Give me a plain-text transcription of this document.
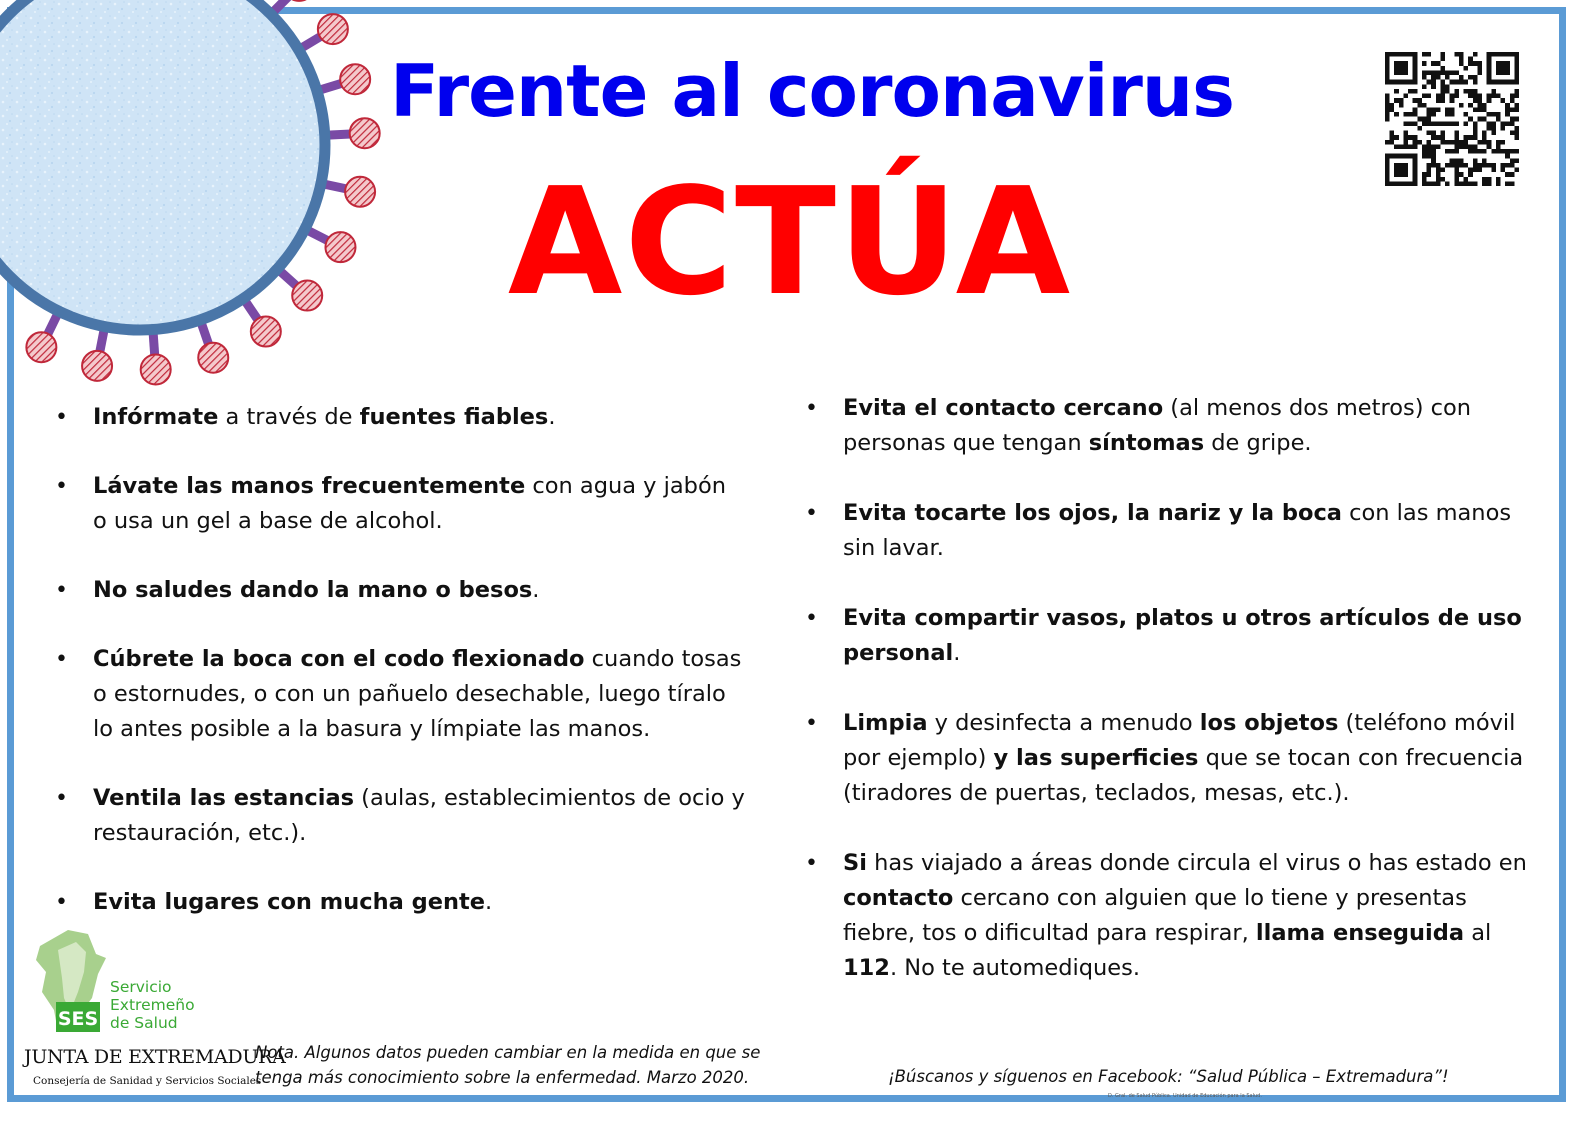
Frente al coronavirus
ACTÚA
• Infórmate a través de fuentes fiables.
• Lávate las manos frecuentemente con agua y jabón o usa un gel a base de alcohol.
• No saludes dando la mano o besos.
• Cúbrete la boca con el codo flexionado cuando tosas o estornudes, o con un pañuelo desechable, luego tíralo lo antes posible a la basura y límpiate las manos.
• Ventila las estancias (aulas, establecimientos de ocio y restauración, etc.).
• Evita lugares con mucha gente.
• Evita el contacto cercano (al menos dos metros) con personas que tengan síntomas de gripe.
• Evita tocarte los ojos, la nariz y la boca con las manos sin lavar.
• Evita compartir vasos, platos u otros artículos de uso personal.
• Limpia y desinfecta a menudo los objetos (teléfono móvil por ejemplo) y las superficies que se tocan con frecuencia (tiradores de puertas, teclados, mesas, etc.).
• Si has viajado a áreas donde circula el virus o has estado en contacto cercano con alguien que lo tiene y presentas fiebre, tos o dificultad para respirar, llama enseguida al 112. No te automediques.
SES
Servicio
Extremeño
de Salud
JUNTA DE EXTREMADURA
Consejería de Sanidad y Servicios Sociales
Nota. Algunos datos pueden cambiar en la medida en que se tenga más conocimiento sobre la enfermedad. Marzo 2020.	¡Búscanos y síguenos en Facebook: “Salud Pública – Extremadura”!
D. Gral. de Salud Pública. Unidad de Educación para la Salud.
